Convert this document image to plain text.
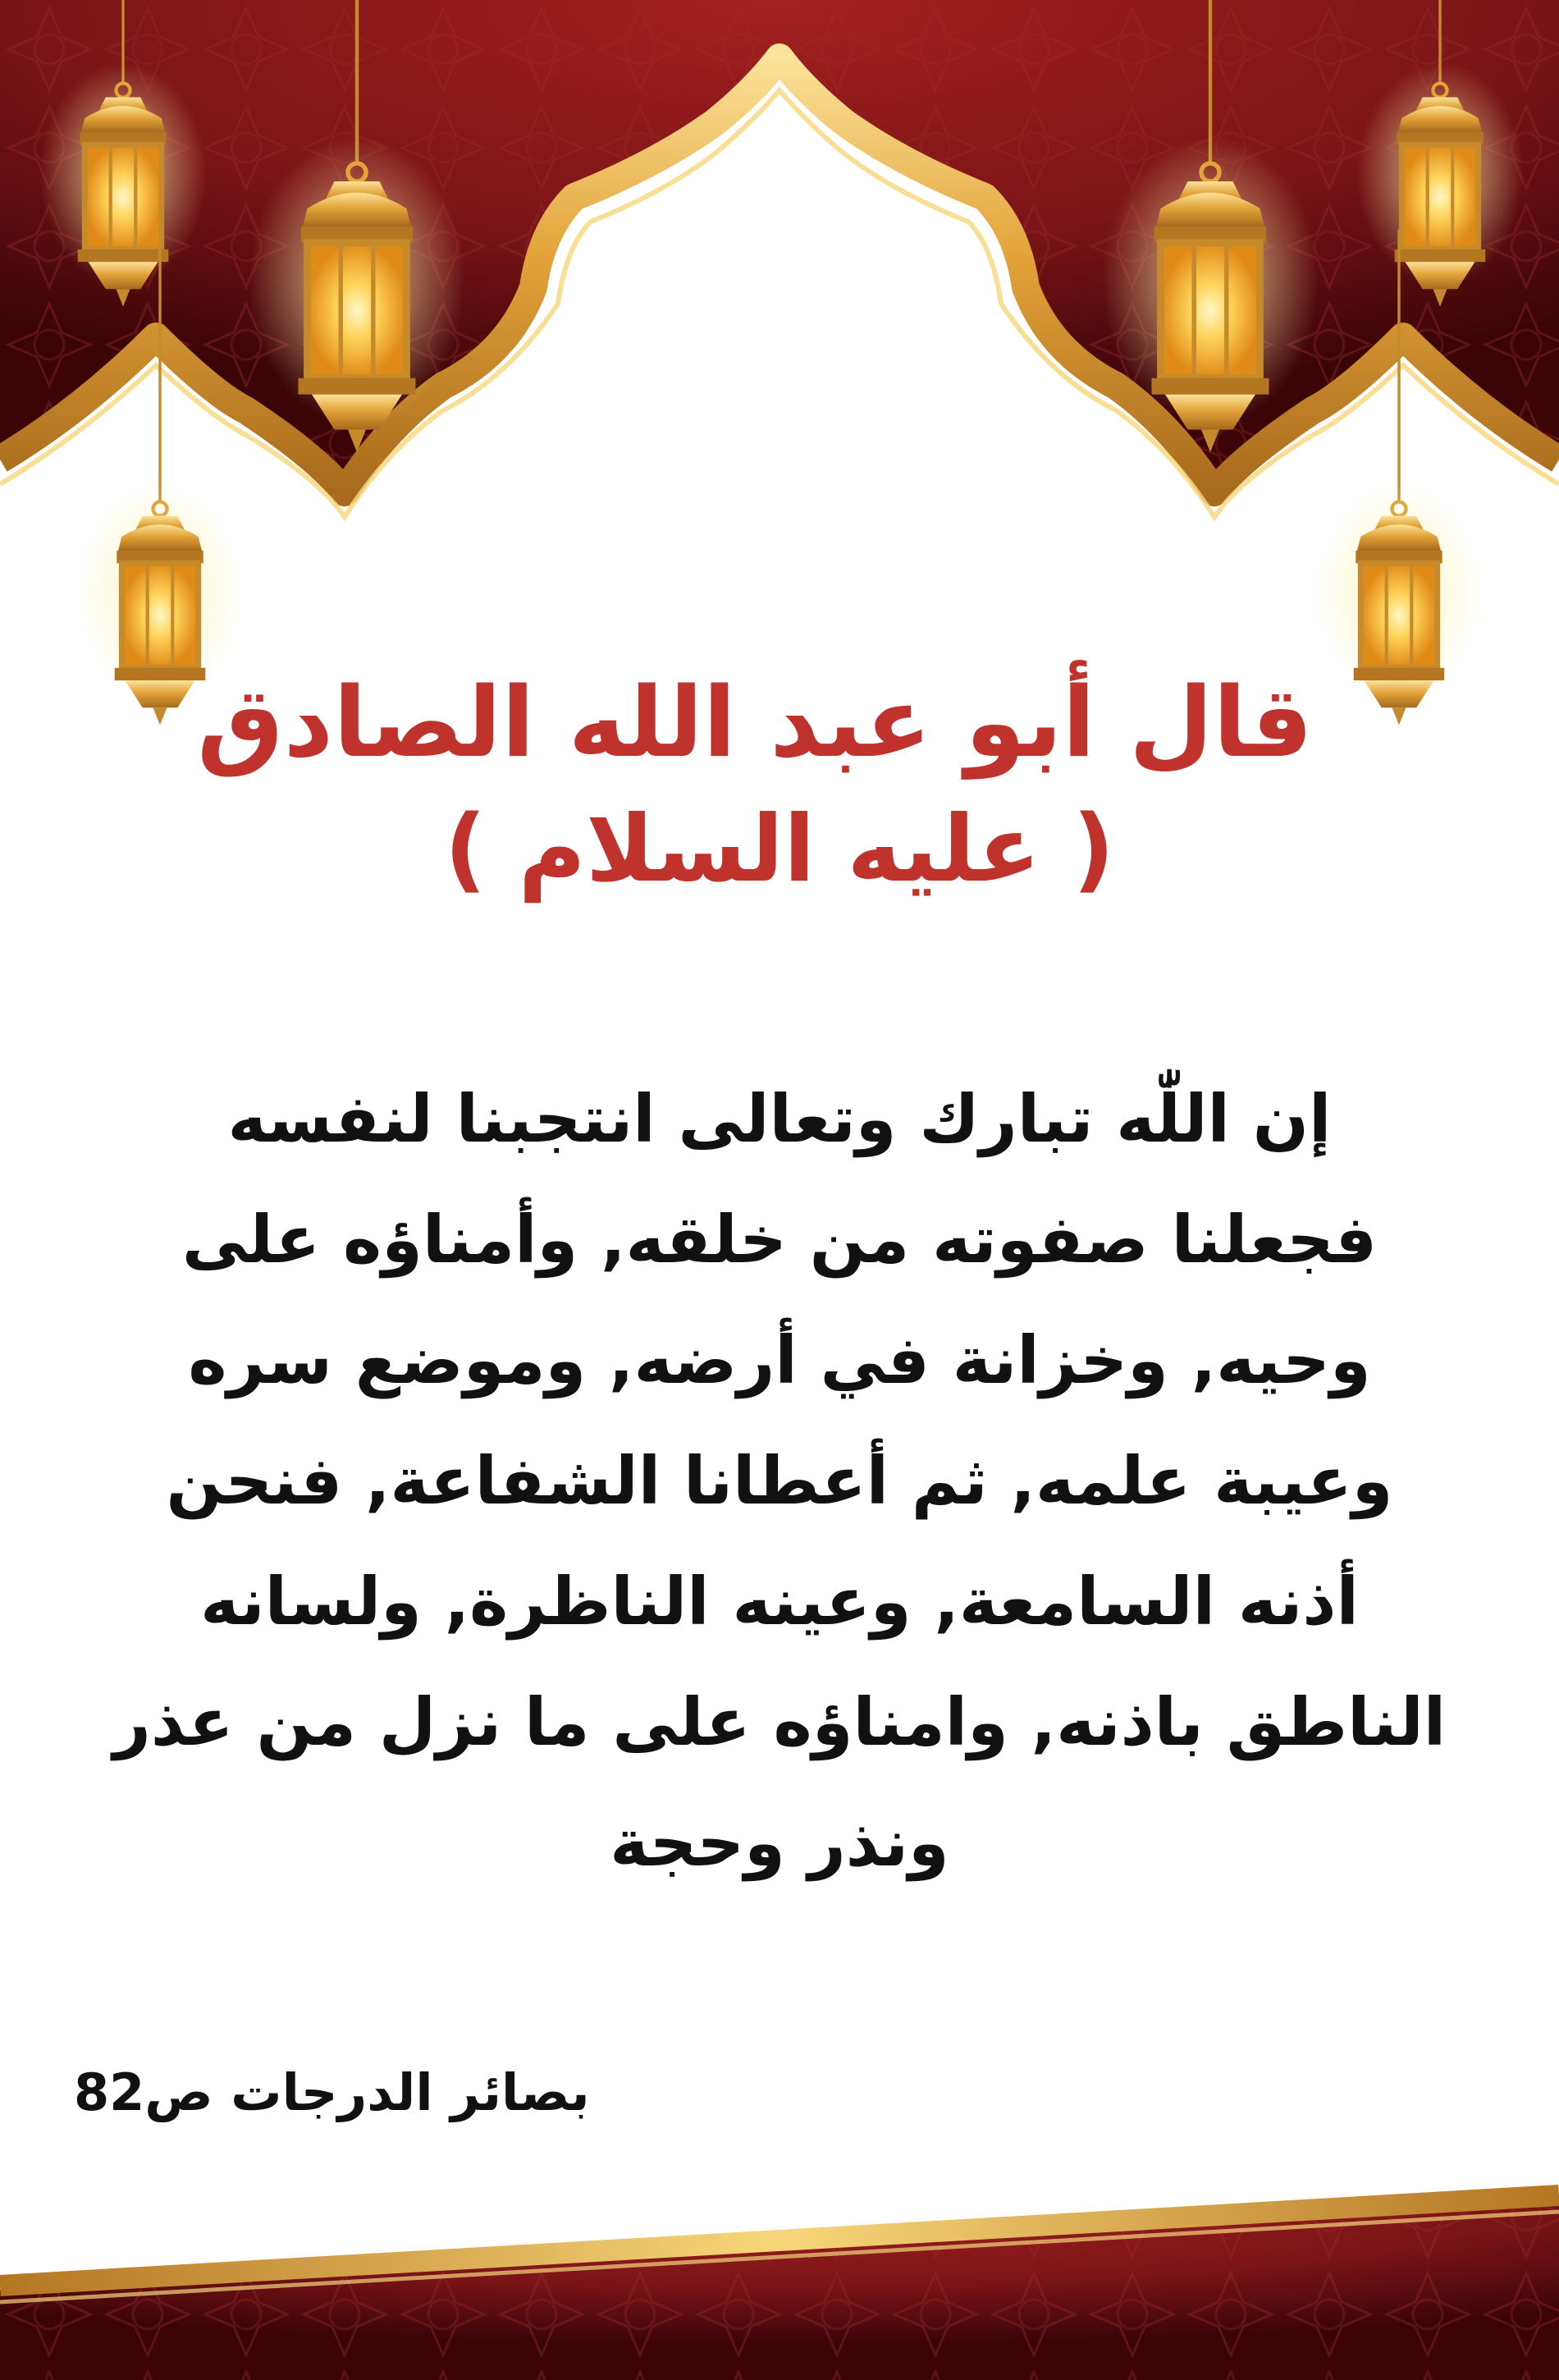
قال أبو عبد الله الصادق
( عليه السلام )

إن اللّٰه تبارك وتعالى انتجبنا لنفسه
فجعلنا صفوته من خلقه, وأمناؤه على
وحيه, وخزانة في أرضه, وموضع سره
وعيبة علمه, ثم أعطانا الشفاعة, فنحن
أذنه السامعة, وعينه الناظرة, ولسانه
الناطق باذنه, وامناؤه على ما نزل من عذر
ونذر وحجة

بصائر الدرجات ص82
